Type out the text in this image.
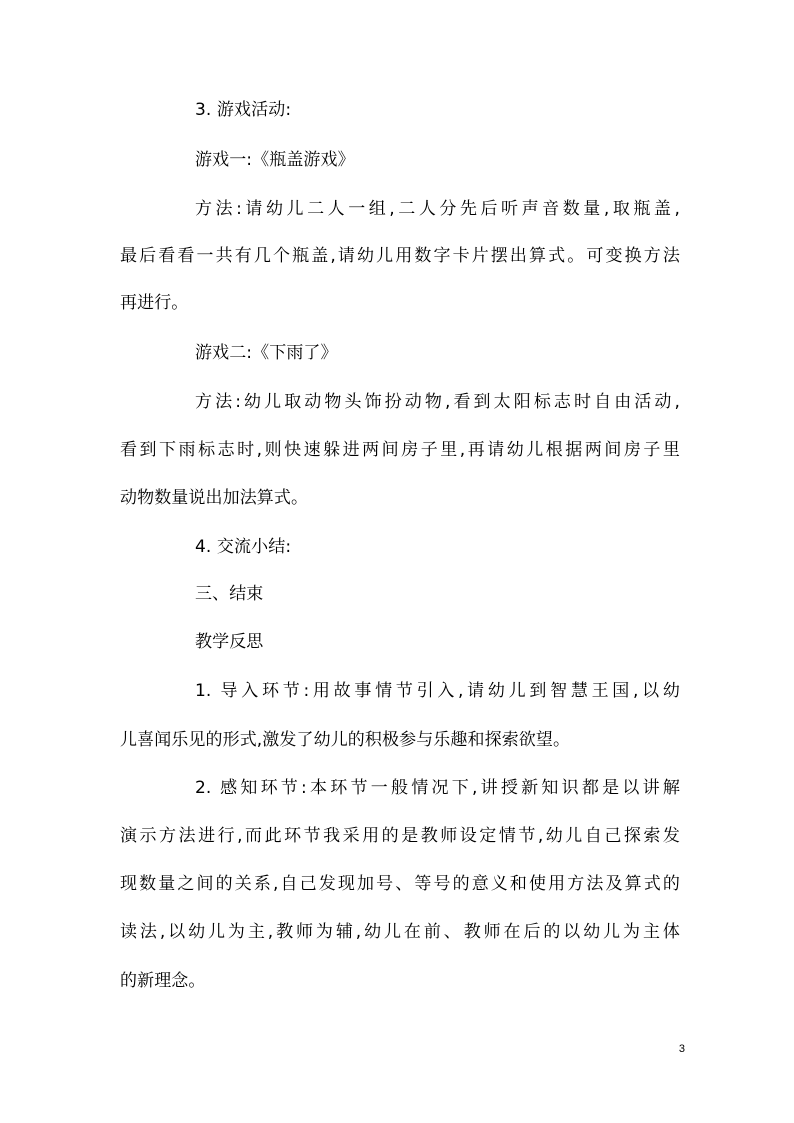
3. 游戏活动:
游戏一:《瓶盖游戏》
方法:请幼儿二人一组,二人分先后听声音数量,取瓶盖,
最后看看一共有几个瓶盖,请幼儿用数字卡片摆出算式。可变换方法
再进行。
游戏二:《下雨了》
方法:幼儿取动物头饰扮动物,看到太阳标志时自由活动,
看到下雨标志时,则快速躲进两间房子里,再请幼儿根据两间房子里
动物数量说出加法算式。
4. 交流小结:
三、结束
教学反思
1. 导入环节:用故事情节引入,请幼儿到智慧王国,以幼
儿喜闻乐见的形式,激发了幼儿的积极参与乐趣和探索欲望。
2. 感知环节:本环节一般情况下,讲授新知识都是以讲解
演示方法进行,而此环节我采用的是教师设定情节,幼儿自己探索发
现数量之间的关系,自己发现加号、等号的意义和使用方法及算式的
读法,以幼儿为主,教师为辅,幼儿在前、教师在后的以幼儿为主体
的新理念。
3
